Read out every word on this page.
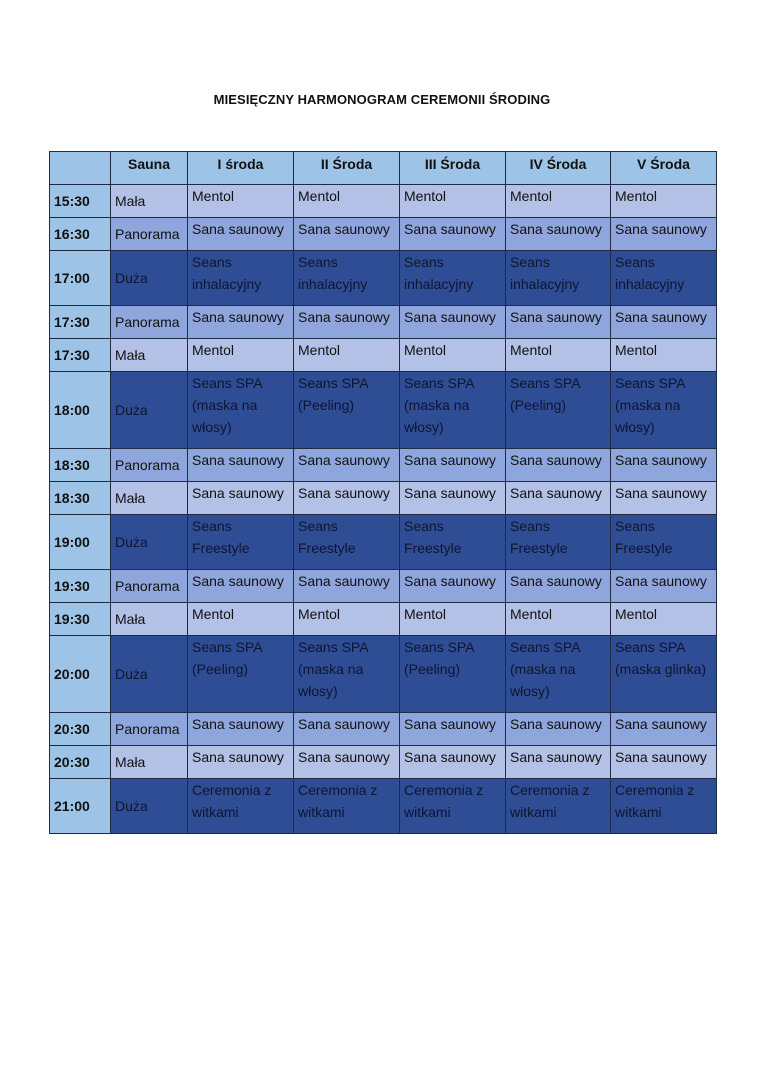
MIESIĘCZNY HARMONOGRAM CEREMONII ŚRODING
	Sauna	I środa	II Środa	III Środa	IV Środa	V Środa
15:30	Mała	Mentol	Mentol	Mentol	Mentol	Mentol
16:30	Panorama	Sana saunowy	Sana saunowy	Sana saunowy	Sana saunowy	Sana saunowy
17:00	Duża	Seans inhalacyjny	Seans inhalacyjny	Seans inhalacyjny	Seans inhalacyjny	Seans inhalacyjny
17:30	Panorama	Sana saunowy	Sana saunowy	Sana saunowy	Sana saunowy	Sana saunowy
17:30	Mała	Mentol	Mentol	Mentol	Mentol	Mentol
18:00	Duża	Seans SPA (maska na włosy)	Seans SPA (Peeling)	Seans SPA (maska na włosy)	Seans SPA (Peeling)	Seans SPA (maska na włosy)
18:30	Panorama	Sana saunowy	Sana saunowy	Sana saunowy	Sana saunowy	Sana saunowy
18:30	Mała	Sana saunowy	Sana saunowy	Sana saunowy	Sana saunowy	Sana saunowy
19:00	Duża	Seans Freestyle	Seans Freestyle	Seans Freestyle	Seans Freestyle	Seans Freestyle
19:30	Panorama	Sana saunowy	Sana saunowy	Sana saunowy	Sana saunowy	Sana saunowy
19:30	Mała	Mentol	Mentol	Mentol	Mentol	Mentol
20:00	Duża	Seans SPA (Peeling)	Seans SPA (maska na włosy)	Seans SPA (Peeling)	Seans SPA (maska na włosy)	Seans SPA (maska glinka)
20:30	Panorama	Sana saunowy	Sana saunowy	Sana saunowy	Sana saunowy	Sana saunowy
20:30	Mała	Sana saunowy	Sana saunowy	Sana saunowy	Sana saunowy	Sana saunowy
21:00	Duża	Ceremonia z witkami	Ceremonia z witkami	Ceremonia z witkami	Ceremonia z witkami	Ceremonia z witkami
